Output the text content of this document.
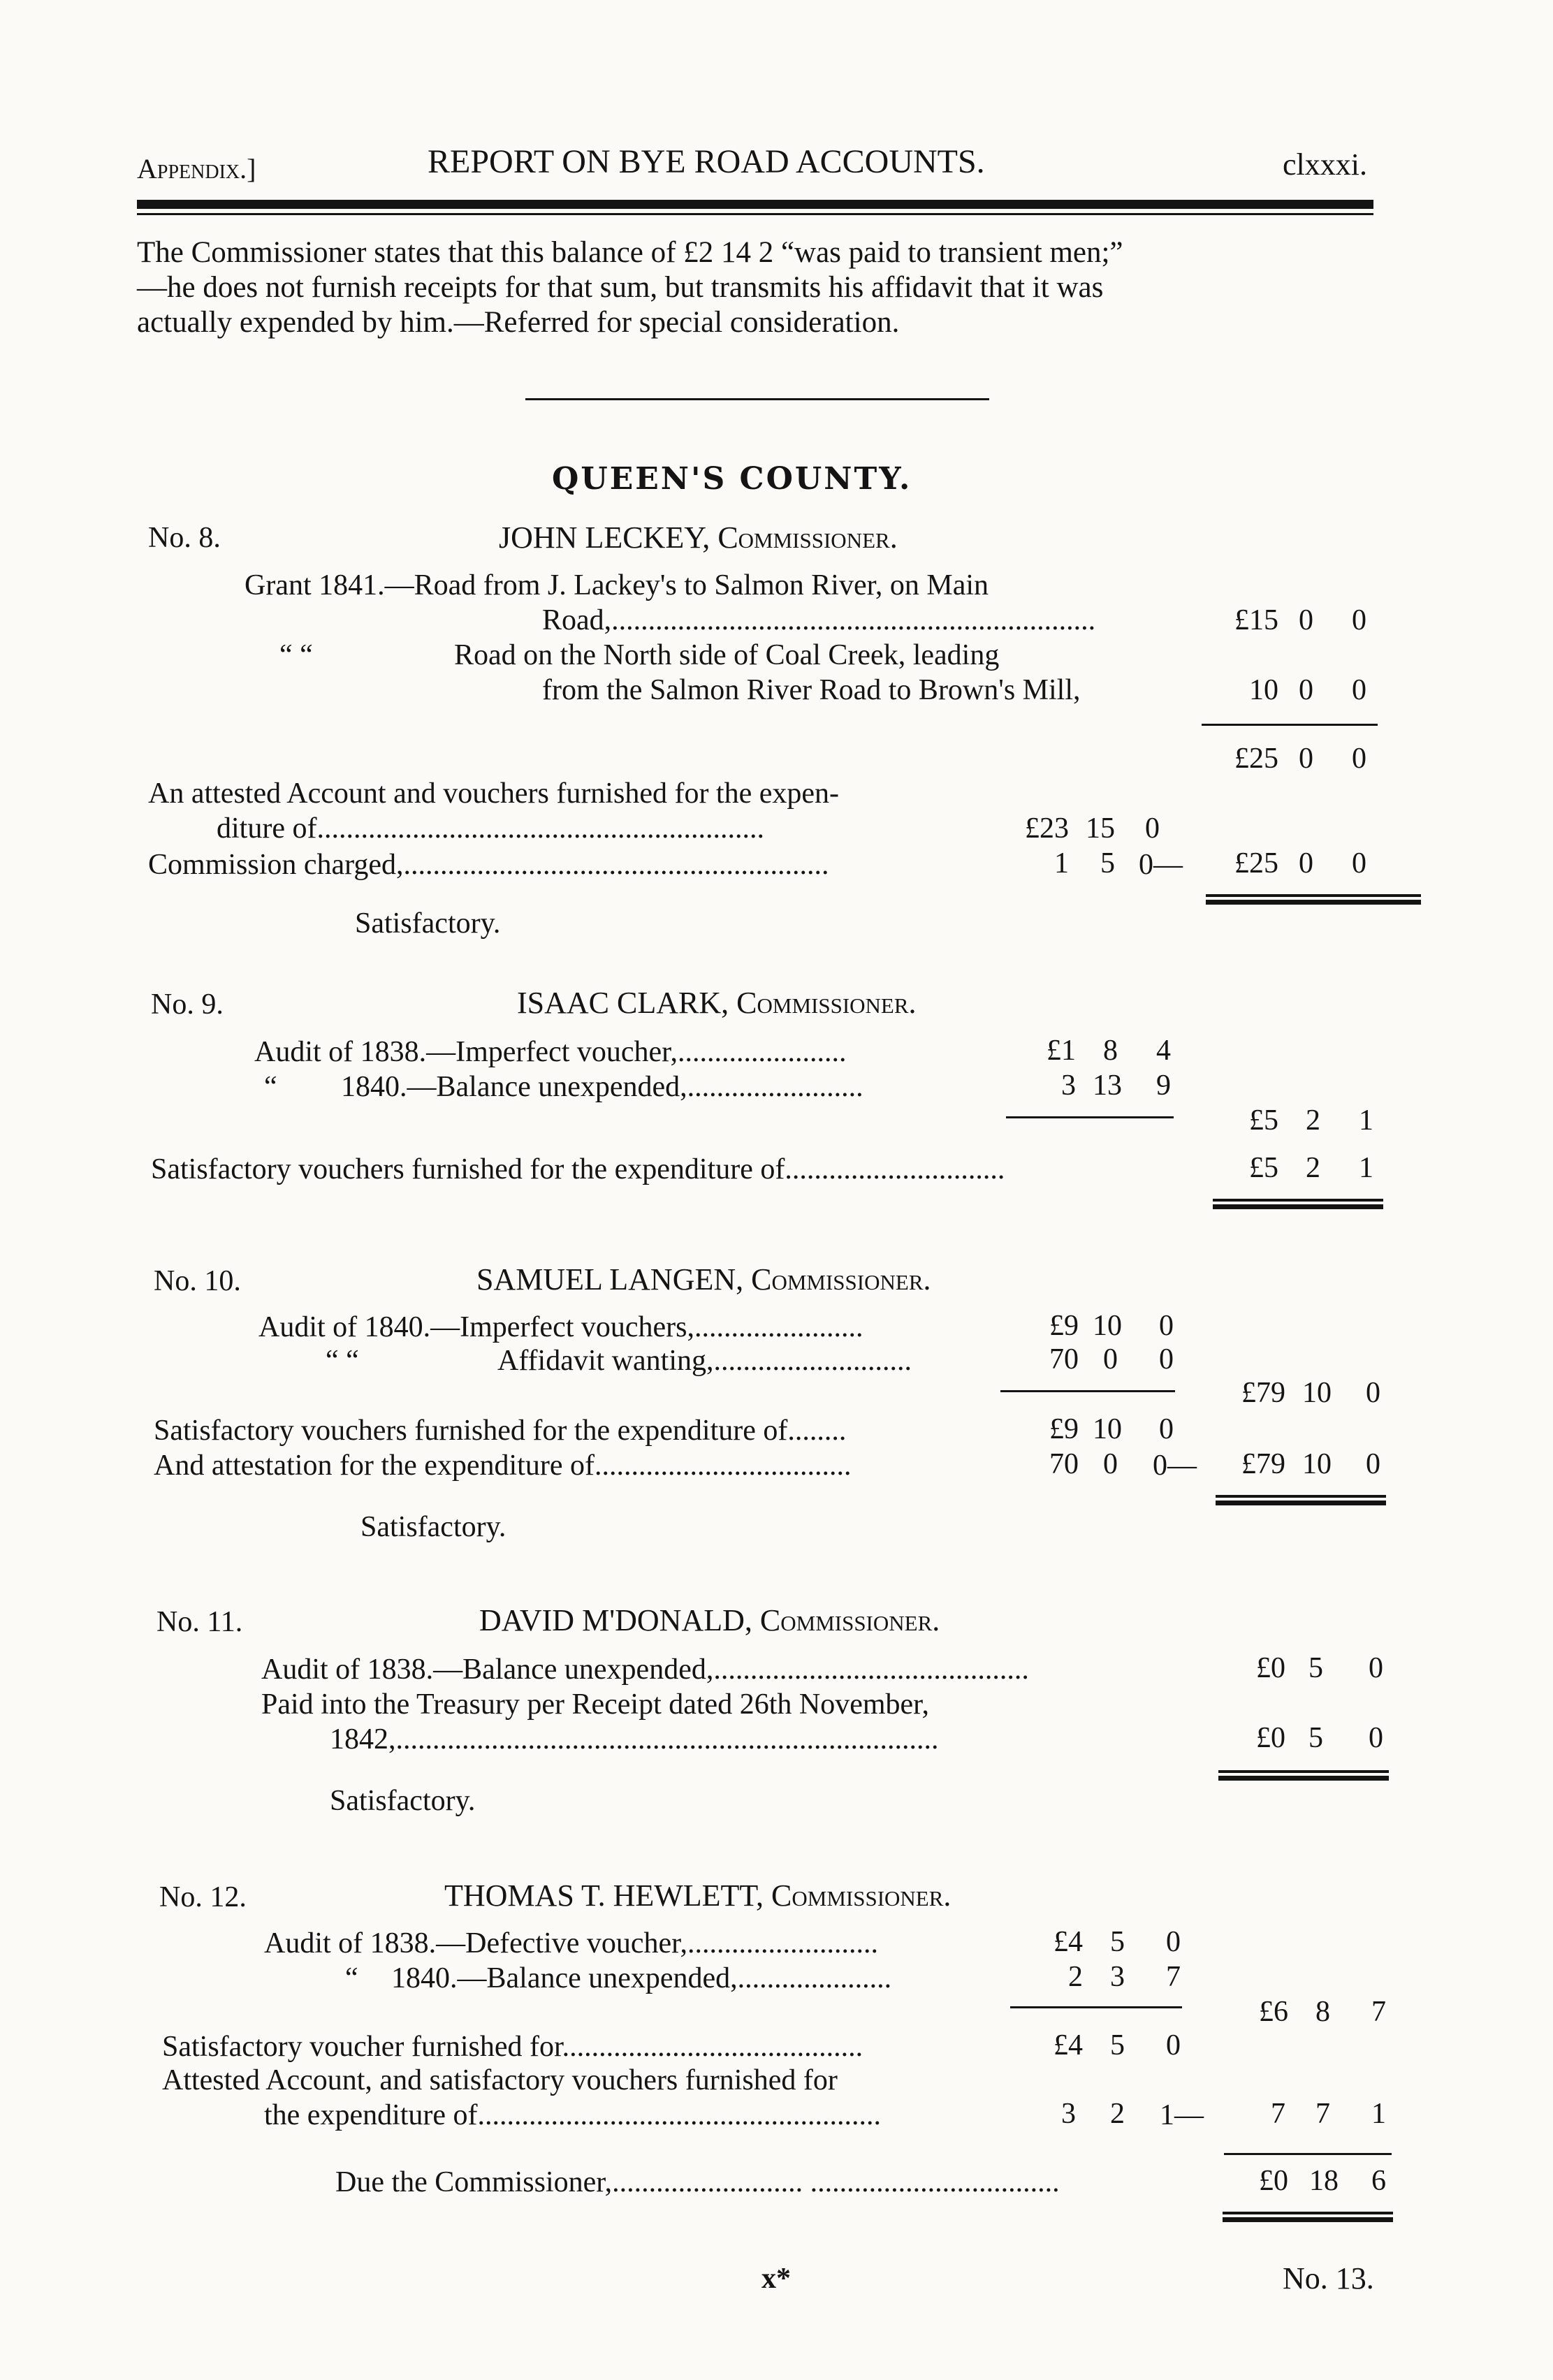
Appendix.]	REPORT ON BYE ROAD ACCOUNTS.	clxxxi.
The Commissioner states that this balance of £2 14 2 “was paid to transient men;”
—he does not furnish receipts for that sum, but transmits his affidavit that it was
actually expended by him.—Referred for special consideration.
QUEEN'S COUNTY.
No. 8.	JOHN LECKEY, Commissioner.
Grant 1841.—Road from J. Lackey's to Salmon River, on Main
Road,..................................................................	£15 0 0
“ “	Road on the North side of Coal Creek, leading
from the Salmon River Road to Brown's Mill,	10 0 0
£25 0 0
An attested Account and vouchers furnished for the expen-
diture of.............................................................	£23 15 0
Commission charged,..........................................................	1	5 0—	£25 0 0
Satisfactory.
No. 9.	ISAAC CLARK, Commissioner.
Audit of 1838.—Imperfect voucher,.......................	£1 8 4
“ 1840.—Balance unexpended,........................	3 13 9
£5 2 1
Satisfactory vouchers furnished for the expenditure of..............................	£5 2 1
No. 10.	SAMUEL LANGEN, Commissioner.
Audit of 1840.—Imperfect vouchers,.......................	£9 10 0
“ “	Affidavit wanting,...........................	70 0 0
£79 10 0
Satisfactory vouchers furnished for the expenditure of........	£9 10 0
And attestation for the expenditure of...................................	70 0 0—	£79 10 0
Satisfactory.
No. 11.	DAVID M'DONALD, Commissioner.
Audit of 1838.—Balance unexpended,...........................................	£0 5 0
Paid into the Treasury per Receipt dated 26th November,
1842,..........................................................................	£0 5 0
Satisfactory.
No. 12.	THOMAS T. HEWLETT, Commissioner.
Audit of 1838.—Defective voucher,..........................	£4 5 0
“ 1840.—Balance unexpended,.....................	2 3 7
£6 8 7
Satisfactory voucher furnished for.........................................	£4 5 0
Attested Account, and satisfactory vouchers furnished for
the expenditure of.......................................................	3 2 1—	7 7 1
Due the Commissioner,.......................... ..................................	£0 18 6
x*	No. 13.
